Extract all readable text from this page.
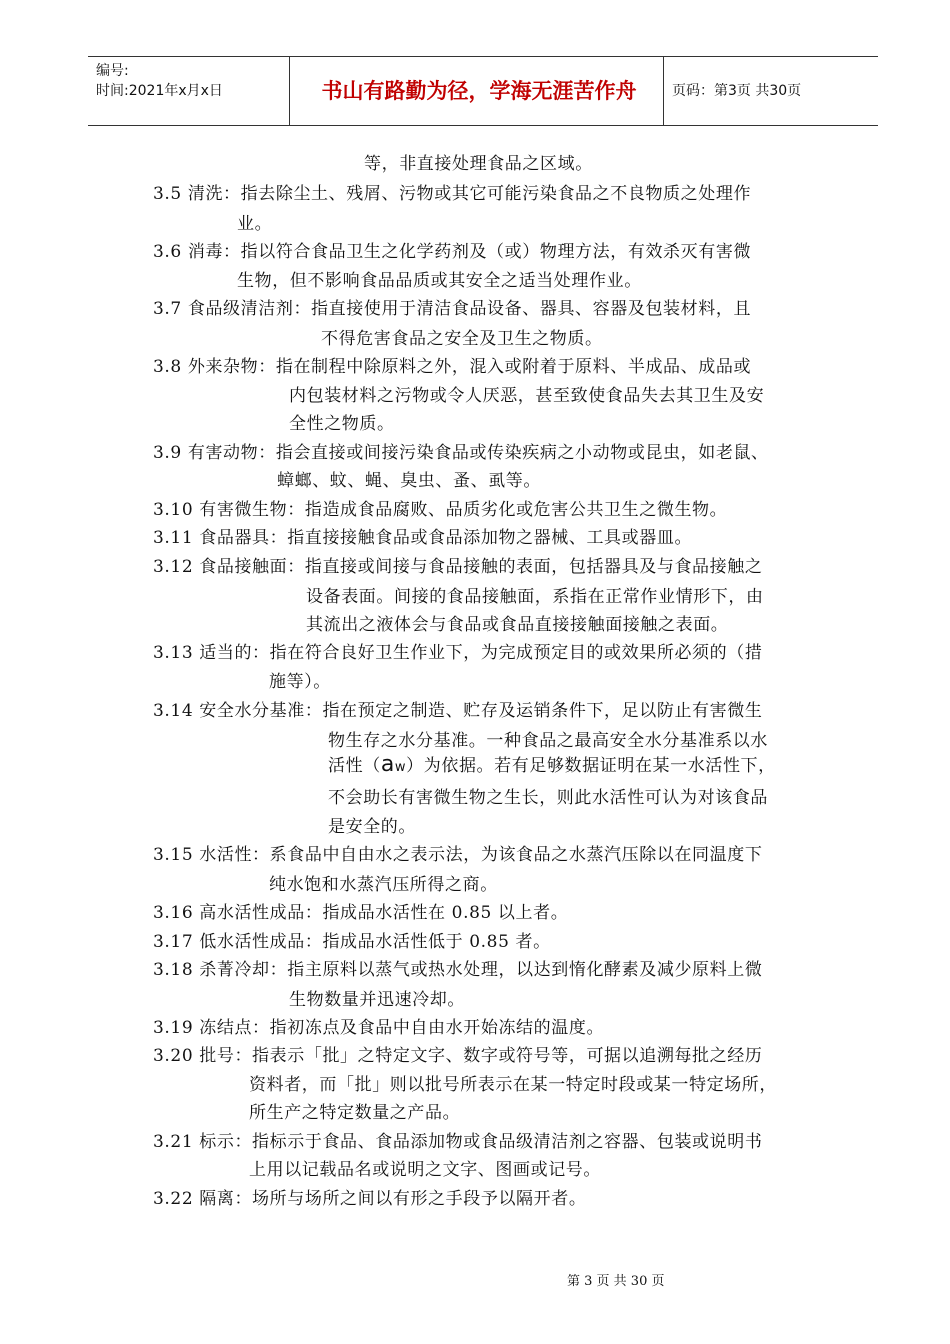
编号:
时间:2021年x月x日	书山有路勤为径，学海无涯苦作舟	页码：第3页 共30页
等，非直接处理食品之区域。
3.5 清洗：指去除尘土、残屑、污物或其它可能污染食品之不良物质之处理作
业。
3.6 消毒：指以符合食品卫生之化学药剂及（或）物理方法，有效杀灭有害微
生物，但不影响食品品质或其安全之适当处理作业。
3.7 食品级清洁剂：指直接使用于清洁食品设备、器具、容器及包装材料，且
不得危害食品之安全及卫生之物质。
3.8 外来杂物：指在制程中除原料之外，混入或附着于原料、半成品、成品或
内包装材料之污物或令人厌恶，甚至致使食品失去其卫生及安
全性之物质。
3.9 有害动物：指会直接或间接污染食品或传染疾病之小动物或昆虫，如老鼠、
蟑螂、蚊、蝇、臭虫、蚤、虱等。
3.10 有害微生物：指造成食品腐败、品质劣化或危害公共卫生之微生物。
3.11 食品器具：指直接接触食品或食品添加物之器械、工具或器皿。
3.12 食品接触面：指直接或间接与食品接触的表面，包括器具及与食品接触之
设备表面。间接的食品接触面，系指在正常作业情形下，由
其流出之液体会与食品或食品直接接触面接触之表面。
3.13 适当的：指在符合良好卫生作业下，为完成预定目的或效果所必须的（措
施等）。
3.14 安全水分基准：指在预定之制造、贮存及运销条件下，足以防止有害微生
物生存之水分基准。一种食品之最高安全水分基准系以水
活性（aw）为依据。若有足够数据证明在某一水活性下，
不会助长有害微生物之生长，则此水活性可认为对该食品
是安全的。
3.15 水活性：系食品中自由水之表示法，为该食品之水蒸汽压除以在同温度下
纯水饱和水蒸汽压所得之商。
3.16 高水活性成品：指成品水活性在 0.85 以上者。
3.17 低水活性成品：指成品水活性低于 0.85 者。
3.18 杀菁冷却：指主原料以蒸气或热水处理，以达到惰化酵素及减少原料上微
生物数量并迅速冷却。
3.19 冻结点：指初冻点及食品中自由水开始冻结的温度。
3.20 批号：指表示「批」之特定文字、数字或符号等，可据以追溯每批之经历
资料者，而「批」则以批号所表示在某一特定时段或某一特定场所，
所生产之特定数量之产品。
3.21 标示：指标示于食品、食品添加物或食品级清洁剂之容器、包装或说明书
上用以记载品名或说明之文字、图画或记号。
3.22 隔离：场所与场所之间以有形之手段予以隔开者。
第 3 页 共 30 页
